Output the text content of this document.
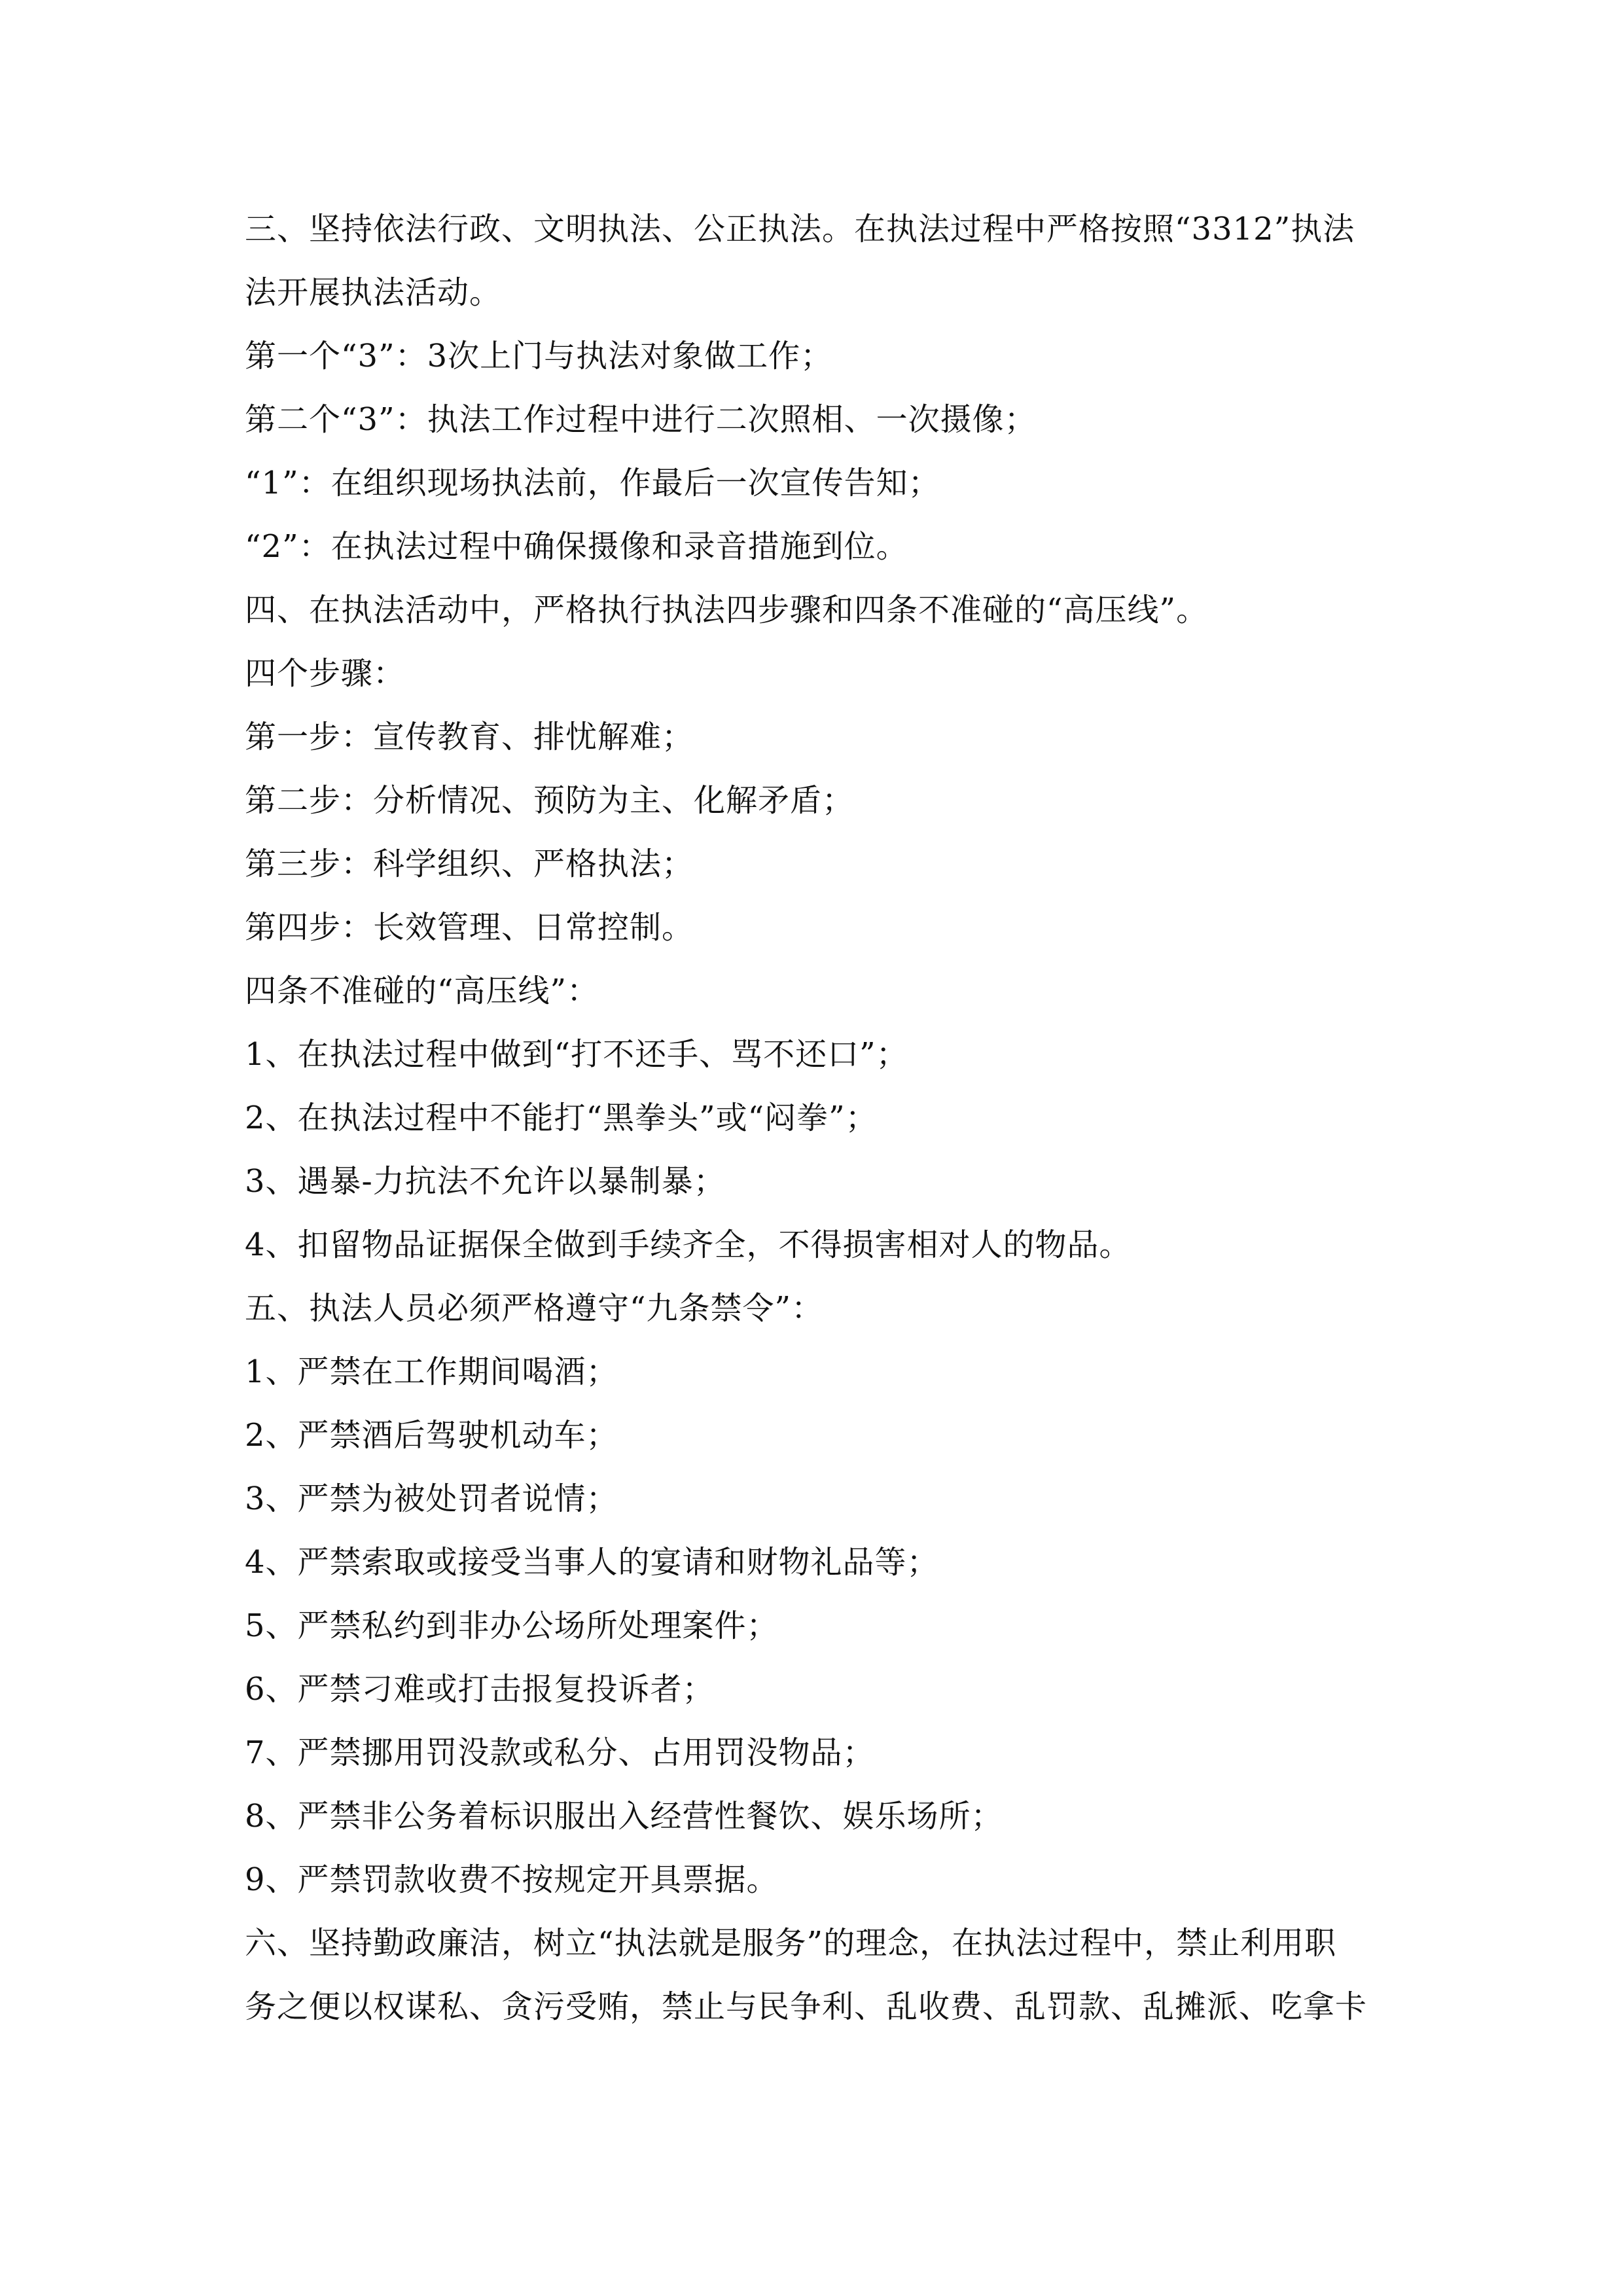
三、坚持依法行政、文明执法、公正执法。在执法过程中严格按照“3312”执法
法开展执法活动。
第一个“3”：3次上门与执法对象做工作；
第二个“3”：执法工作过程中进行二次照相、一次摄像；
“1”：在组织现场执法前，作最后一次宣传告知；
“2”：在执法过程中确保摄像和录音措施到位。
四、在执法活动中，严格执行执法四步骤和四条不准碰的“高压线”。
四个步骤：
第一步：宣传教育、排忧解难；
第二步：分析情况、预防为主、化解矛盾；
第三步：科学组织、严格执法；
第四步：长效管理、日常控制。
四条不准碰的“高压线”：
1、在执法过程中做到“打不还手、骂不还口”；
2、在执法过程中不能打“黑拳头”或“闷拳”；
3、遇暴-力抗法不允许以暴制暴；
4、扣留物品证据保全做到手续齐全，不得损害相对人的物品。
五、执法人员必须严格遵守“九条禁令”：
1、严禁在工作期间喝酒；
2、严禁酒后驾驶机动车；
3、严禁为被处罚者说情；
4、严禁索取或接受当事人的宴请和财物礼品等；
5、严禁私约到非办公场所处理案件；
6、严禁刁难或打击报复投诉者；
7、严禁挪用罚没款或私分、占用罚没物品；
8、严禁非公务着标识服出入经营性餐饮、娱乐场所；
9、严禁罚款收费不按规定开具票据。
六、坚持勤政廉洁，树立“执法就是服务”的理念，在执法过程中，禁止利用职
务之便以权谋私、贪污受贿，禁止与民争利、乱收费、乱罚款、乱摊派、吃拿卡
